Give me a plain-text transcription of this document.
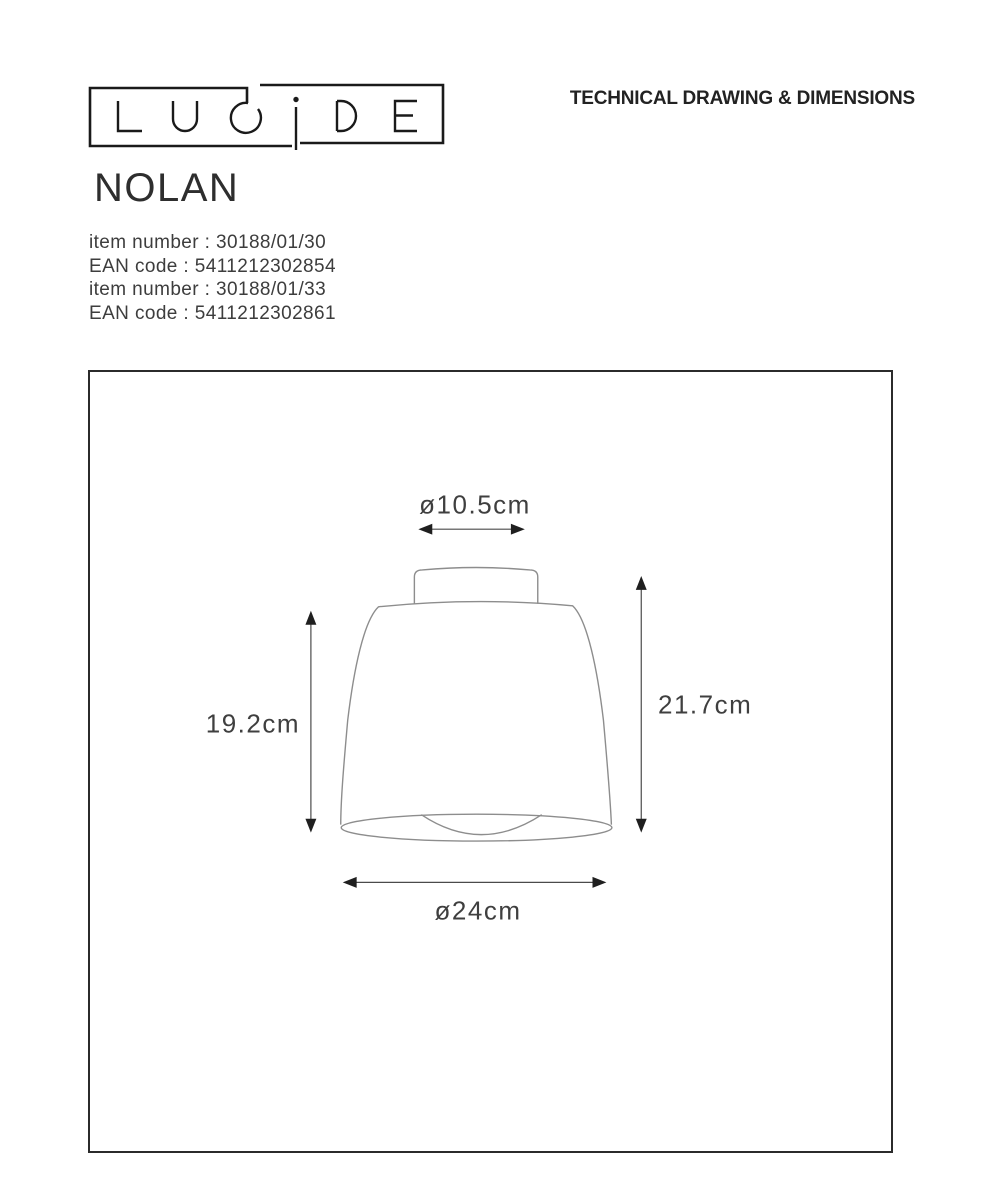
TECHNICAL DRAWING & DIMENSIONS
NOLAN
item number : 30188/01/30
EAN code : 5411212302854
item number : 30188/01/33
EAN code : 5411212302861
ø10.5cm
19.2cm
21.7cm
ø24cm
